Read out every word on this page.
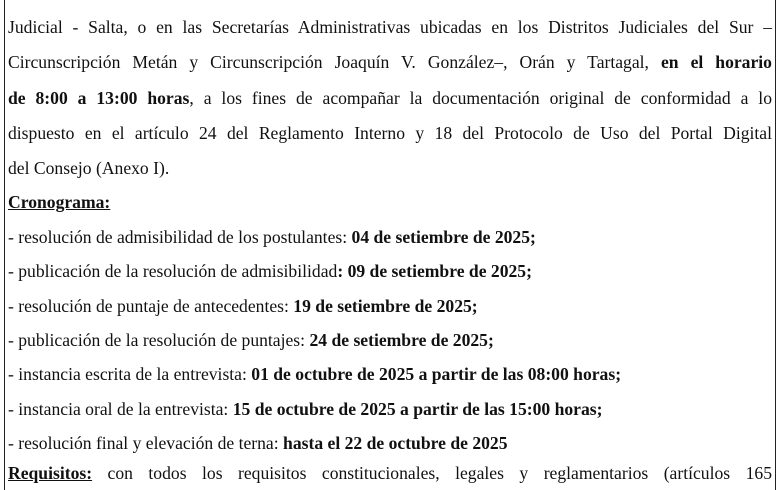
Judicial - Salta, o en las Secretarías Administrativas ubicadas en los Distritos Judiciales del Sur –
Circunscripción Metán y Circunscripción Joaquín V. González–, Orán y Tartagal, en el horario
de 8:00 a 13:00 horas, a los fines de acompañar la documentación original de conformidad a lo
dispuesto en el artículo 24 del Reglamento Interno y 18 del Protocolo de Uso del Portal Digital
del Consejo (Anexo I).
Cronograma:
- resolución de admisibilidad de los postulantes: 04 de setiembre de 2025;
- publicación de la resolución de admisibilidad: 09 de setiembre de 2025;
- resolución de puntaje de antecedentes: 19 de setiembre de 2025;
- publicación de la resolución de puntajes: 24 de setiembre de 2025;
- instancia escrita de la entrevista: 01 de octubre de 2025 a partir de las 08:00 horas;
- instancia oral de la entrevista: 15 de octubre de 2025 a partir de las 15:00 horas;
- resolución final y elevación de terna: hasta el 22 de octubre de 2025
Requisitos: con todos los requisitos constitucionales, legales y reglamentarios (artículos 165
